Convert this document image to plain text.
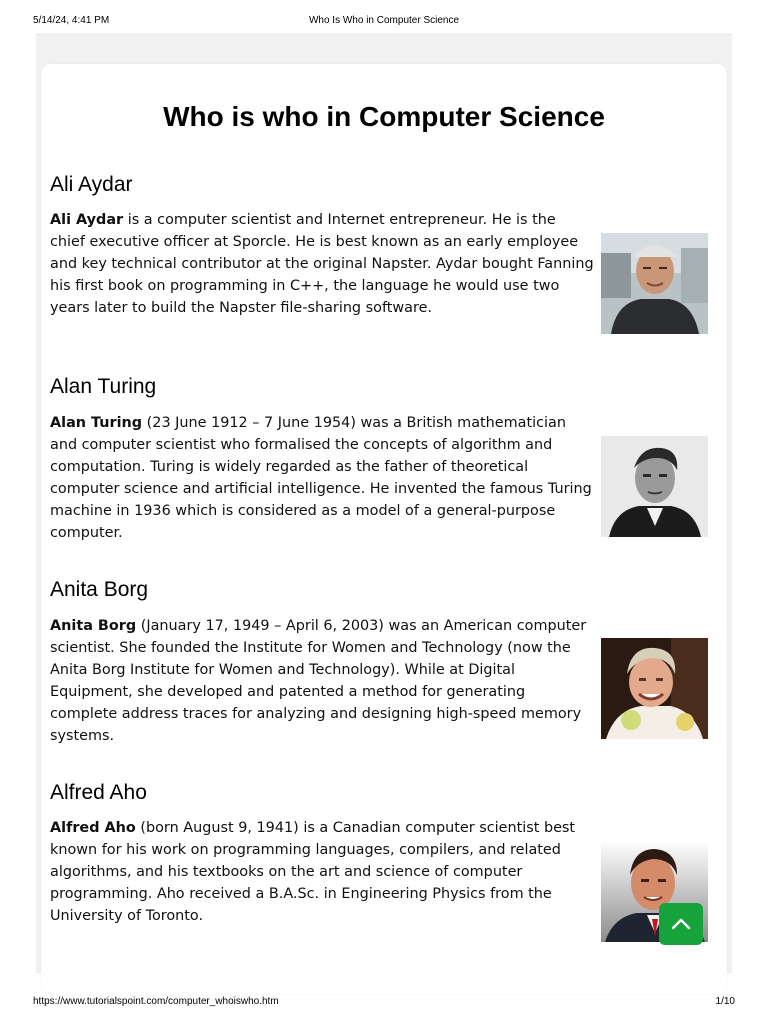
5/14/24, 4:41 PM	Who Is Who in Computer Science
Who is who in Computer Science
Ali Aydar

Ali Aydar is a computer scientist and Internet entrepreneur. He is the chief executive officer at Sporcle. He is best known as an early employee and key technical contributor at the original Napster. Aydar bought Fanning his first book on programming in C++, the language he would use two years later to build the Napster file-sharing software.

Alan Turing

Alan Turing (23 June 1912 – 7 June 1954) was a British mathematician and computer scientist who formalised the concepts of algorithm and computation. Turing is widely regarded as the father of theoretical computer science and artificial intelligence. He invented the famous Turing machine in 1936 which is considered as a model of a general-purpose computer.

Anita Borg

Anita Borg (January 17, 1949 – April 6, 2003) was an American computer scientist. She founded the Institute for Women and Technology (now the Anita Borg Institute for Women and Technology). While at Digital Equipment, she developed and patented a method for generating complete address traces for analyzing and designing high-speed memory systems.

Alfred Aho

Alfred Aho (born August 9, 1941) is a Canadian computer scientist best known for his work on programming languages, compilers, and related algorithms, and his textbooks on the art and science of computer programming. Aho received a B.A.Sc. in Engineering Physics from the University of Toronto.

https://www.tutorialspoint.com/computer_whoiswho.htm	1/10
